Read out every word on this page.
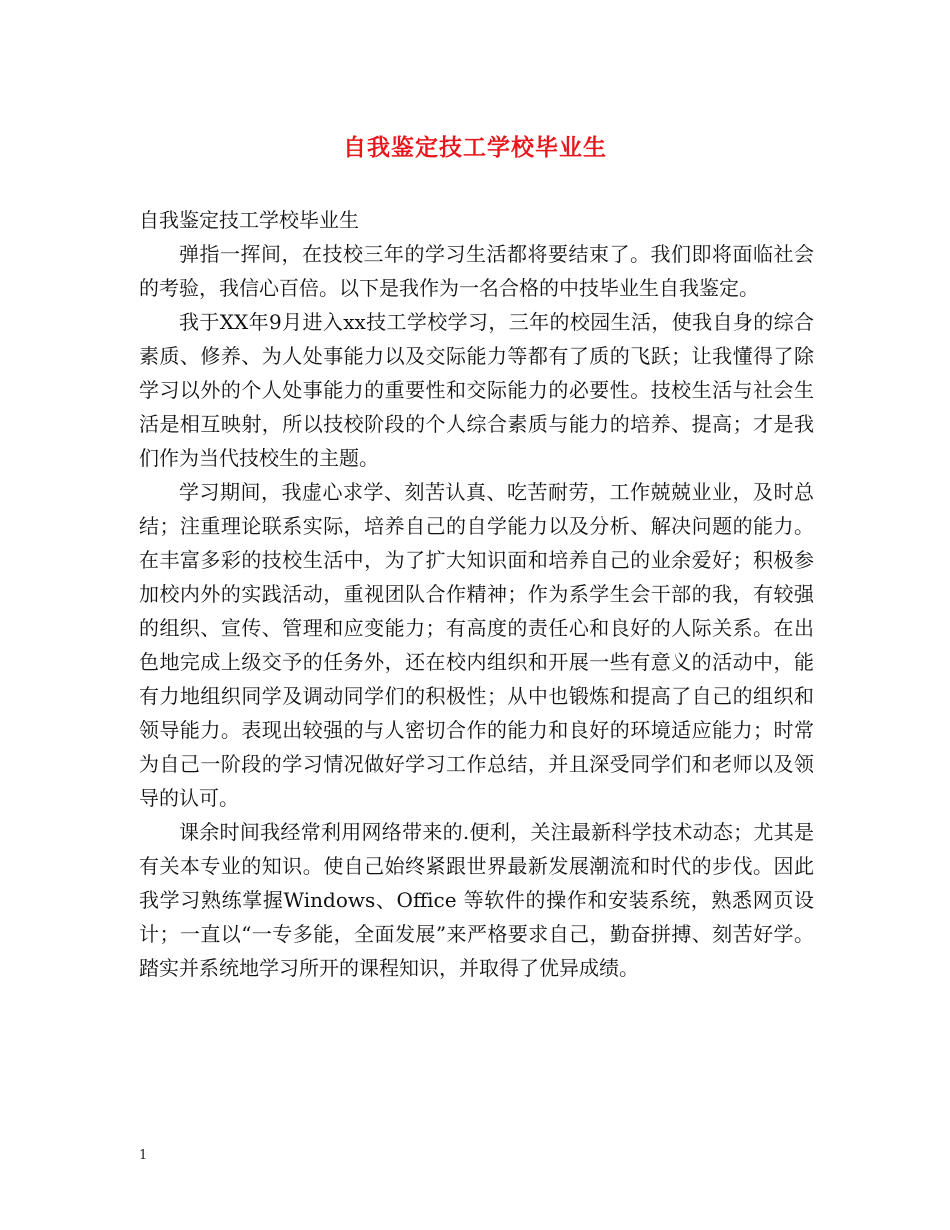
自我鉴定技工学校毕业生

自我鉴定技工学校毕业生

弹指一挥间，在技校三年的学习生活都将要结束了。我们即将面临社会的考验，我信心百倍。以下是我作为一名合格的中技毕业生自我鉴定。

我于XX年9月进入xx技工学校学习，三年的校园生活，使我自身的综合素质、修养、为人处事能力以及交际能力等都有了质的飞跃；让我懂得了除学习以外的个人处事能力的重要性和交际能力的必要性。技校生活与社会生活是相互映射，所以技校阶段的个人综合素质与能力的培养、提高；才是我们作为当代技校生的主题。

学习期间，我虚心求学、刻苦认真、吃苦耐劳，工作兢兢业业，及时总结；注重理论联系实际，培养自己的自学能力以及分析、解决问题的能力。在丰富多彩的技校生活中，为了扩大知识面和培养自己的业余爱好；积极参加校内外的实践活动，重视团队合作精神；作为系学生会干部的我，有较强的组织、宣传、管理和应变能力；有高度的责任心和良好的人际关系。在出色地完成上级交予的任务外，还在校内组织和开展一些有意义的活动中，能有力地组织同学及调动同学们的积极性；从中也锻炼和提高了自己的组织和领导能力。表现出较强的与人密切合作的能力和良好的环境适应能力；时常为自己一阶段的学习情况做好学习工作总结，并且深受同学们和老师以及领导的认可。

课余时间我经常利用网络带来的.便利，关注最新科学技术动态；尤其是有关本专业的知识。使自己始终紧跟世界最新发展潮流和时代的步伐。因此我学习熟练掌握Windows、Office 等软件的操作和安装系统，熟悉网页设计；一直以“一专多能，全面发展”来严格要求自己，勤奋拼搏、刻苦好学。踏实并系统地学习所开的课程知识，并取得了优异成绩。

1
